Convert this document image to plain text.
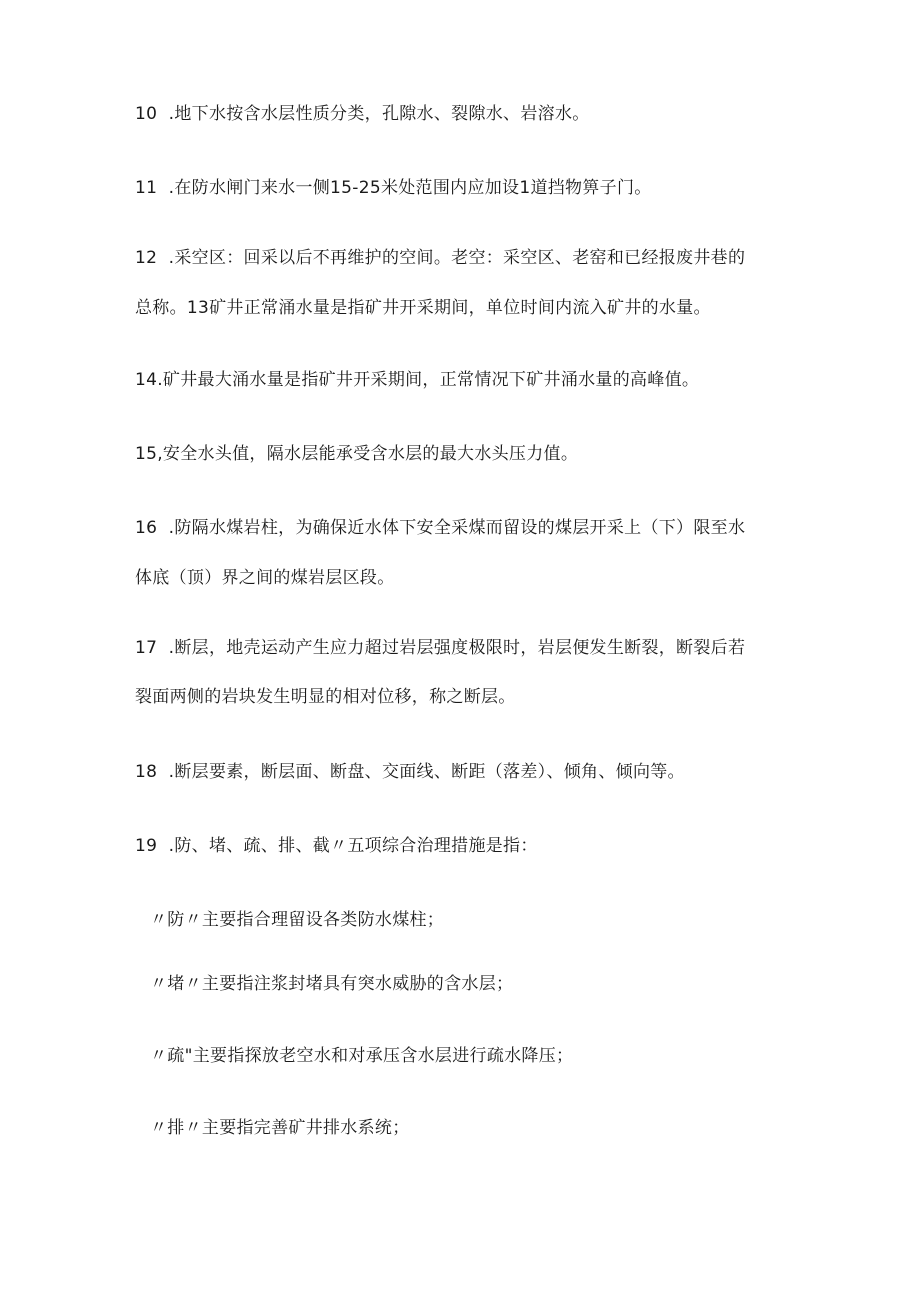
10  .地下水按含水层性质分类，孔隙水、裂隙水、岩溶水。
11  .在防水闸门来水一侧15-25米处范围内应加设1道挡物箅子门。
12  .采空区：回采以后不再维护的空间。老空：采空区、老窑和已经报废井巷的
总称。13矿井正常涌水量是指矿井开采期间，单位时间内流入矿井的水量。
14.矿井最大涌水量是指矿井开采期间，正常情况下矿井涌水量的高峰值。
15,安全水头值，隔水层能承受含水层的最大水头压力值。
16  .防隔水煤岩柱，为确保近水体下安全采煤而留设的煤层开采上（下）限至水
体底（顶）界之间的煤岩层区段。
17  .断层，地壳运动产生应力超过岩层强度极限时，岩层便发生断裂，断裂后若
裂面两侧的岩块发生明显的相对位移，称之断层。
18  .断层要素，断层面、断盘、交面线、断距（落差）、倾角、倾向等。
19  .防、堵、疏、排、截〃五项综合治理措施是指：
〃防〃主要指合理留设各类防水煤柱；
〃堵〃主要指注浆封堵具有突水威胁的含水层；
〃疏"主要指探放老空水和对承压含水层进行疏水降压；
〃排〃主要指完善矿井排水系统；
